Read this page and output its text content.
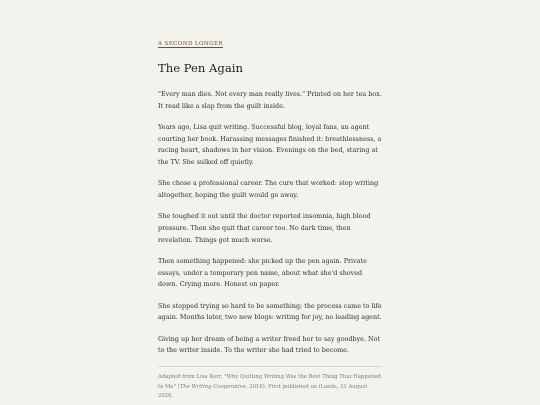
A SECOND LONGER
The Pen Again

"Every man dies. Not every man really lives." Printed on her tea box. It read like a slap from the guilt inside.

Years ago, Lisa quit writing. Successful blog, loyal fans, an agent courting her book. Harassing messages finished it: breathlessness, a racing heart, shadows in her vision. Evenings on the bed, staring at the TV. She sulked off quietly.

She chose a professional career. The cure that worked: stop writing altogether, hoping the guilt would go away.

She toughed it out until the doctor reported insomnia, high blood pressure. Then she quit that career too. No dark time, then revelation. Things got much worse.

Then something happened: she picked up the pen again. Private essays, under a temporary pen name, about what she'd shoved down. Crying more. Honest on paper.

She stopped trying so hard to be something; the process came to life again. Months later, two new blogs: writing for joy, no leading agent.

Giving up her dream of being a writer freed her to say goodbye. Not to the writer inside. To the writer she had tried to become.

Adapted from Lisa Kerr, "Why Quitting Writing Was the Best Thing That Happened to Me" (The Writing Cooperative, 2016). First published on iLands, 31 August 2026.
